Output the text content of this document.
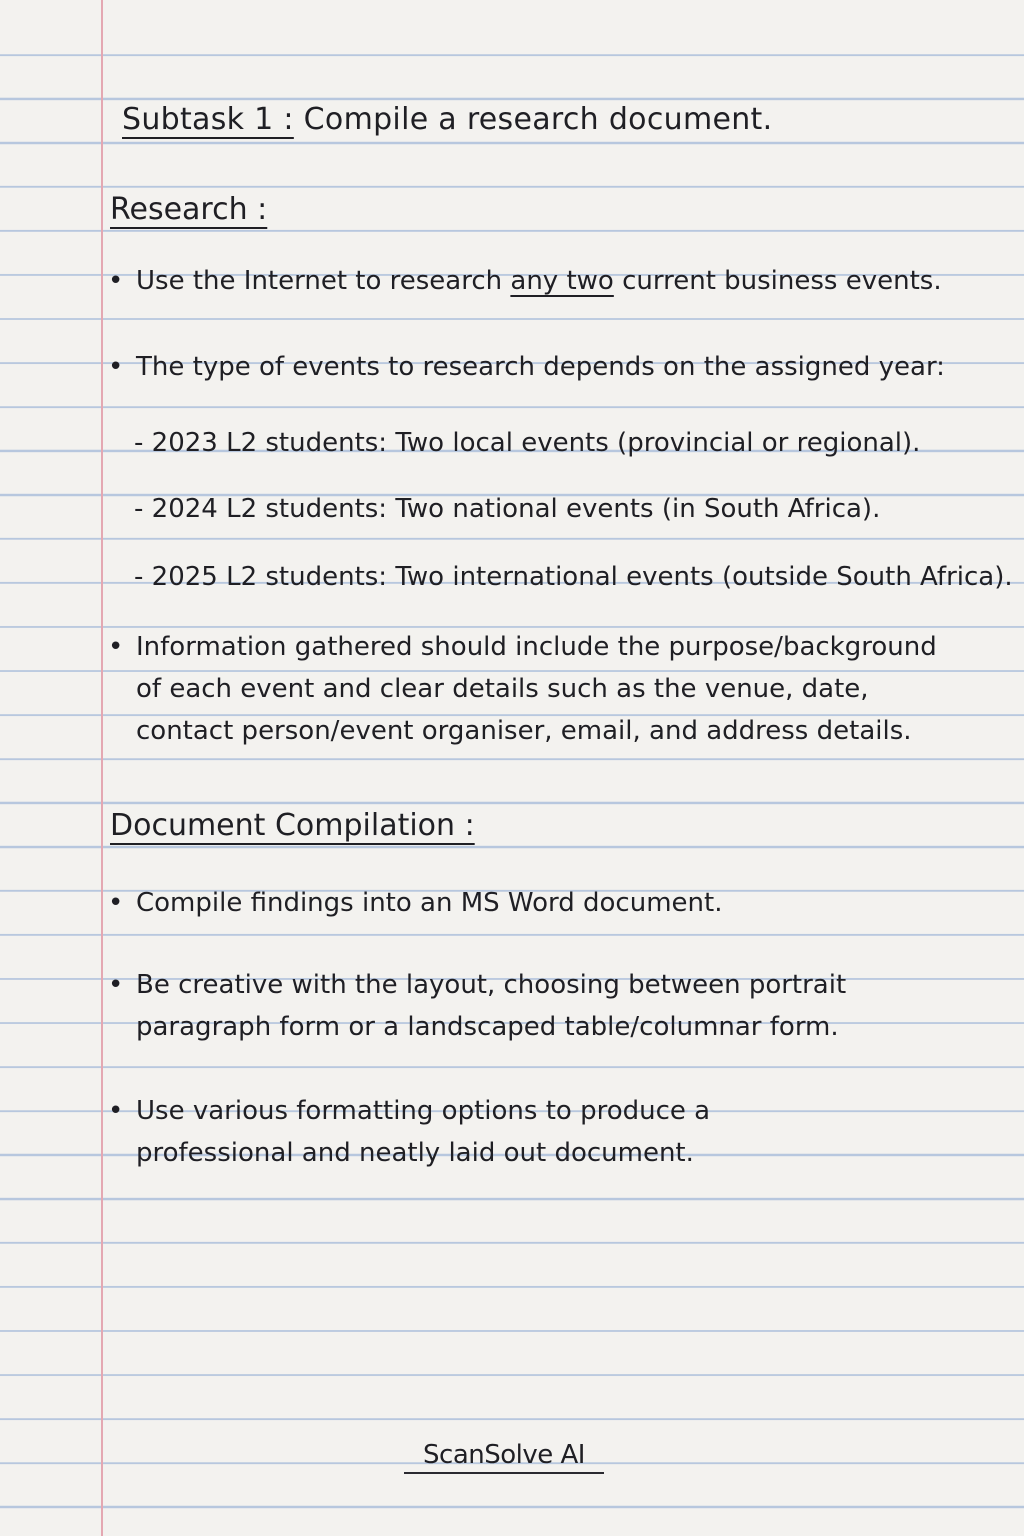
Subtask 1 : Compile a research document.
Research :
• Use the Internet to research any two current business events.
• The type of events to research depends on the assigned year:
- 2023 L2 students: Two local events (provincial or regional).
- 2024 L2 students: Two national events (in South Africa).
- 2025 L2 students: Two international events (outside South Africa).
• Information gathered should include the purpose/background of each event and clear details such as the venue, date, contact person/event organiser, email, and address details.
Document Compilation :
• Compile findings into an MS Word document.
• Be creative with the layout, choosing between portrait paragraph form or a landscaped table/columnar form.
• Use various formatting options to produce a professional and neatly laid out document.
ScanSolve AI
